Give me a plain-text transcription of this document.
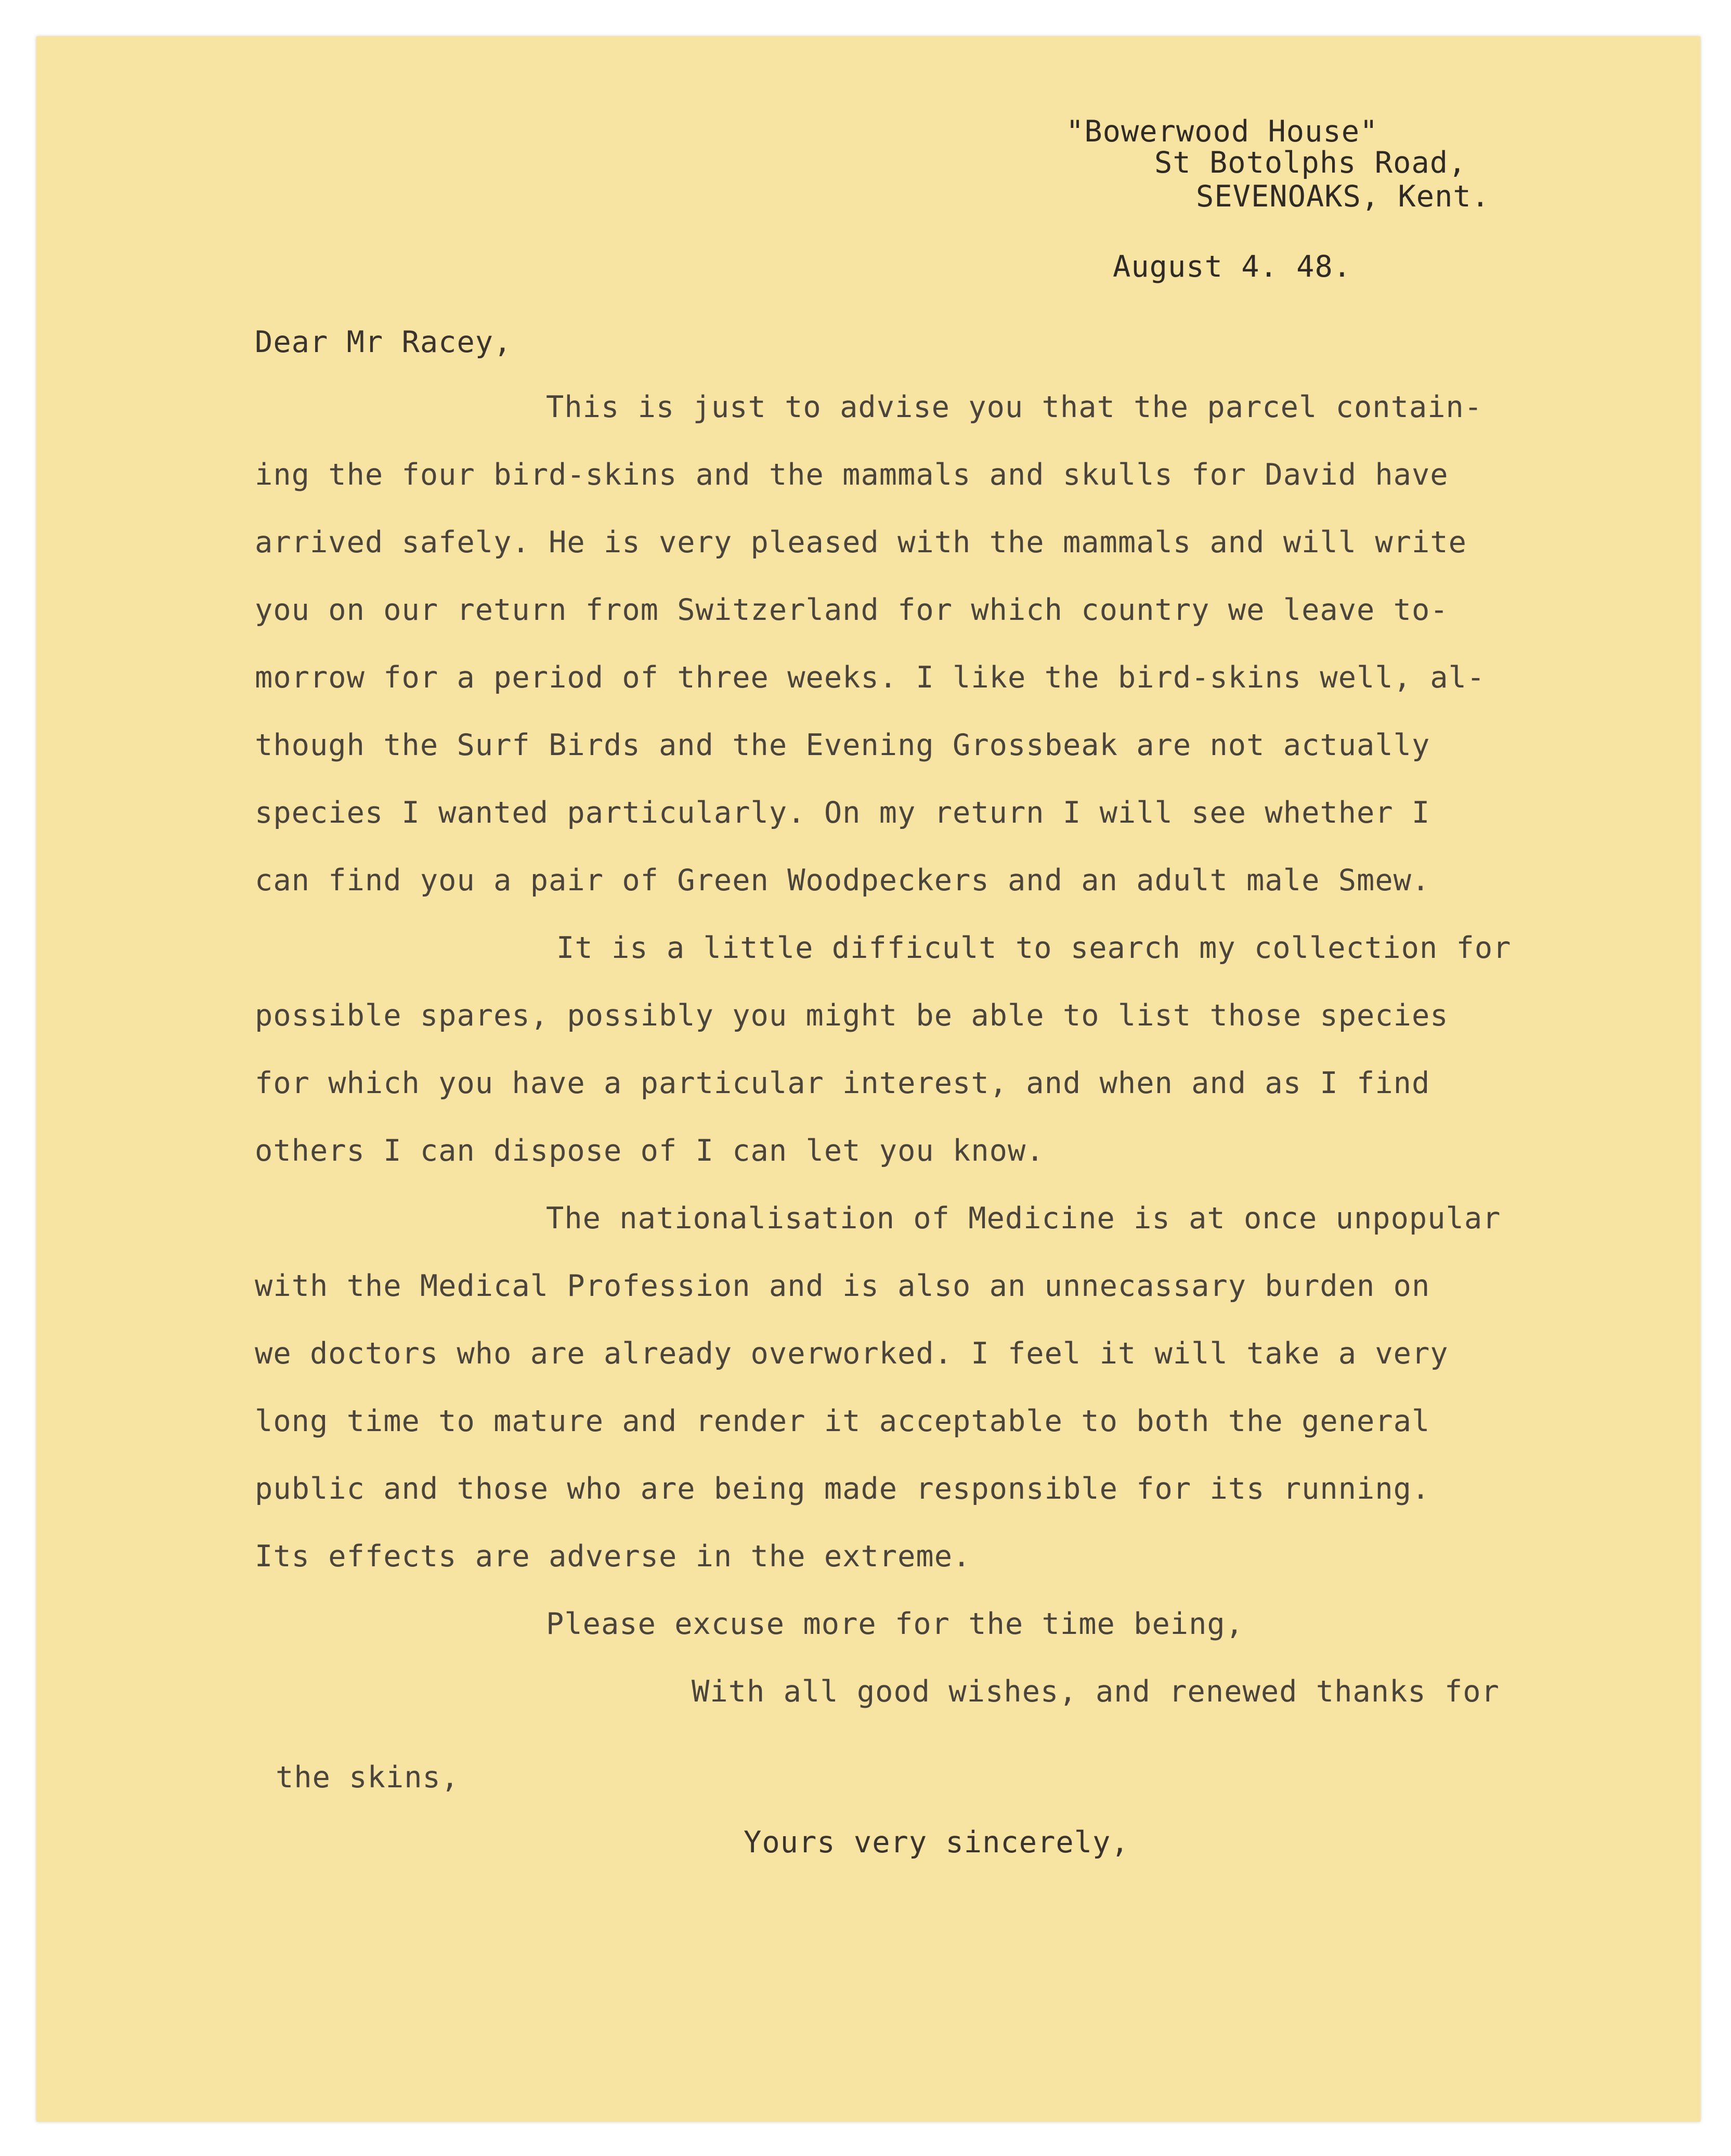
"Bowerwood House"
St Botolphs Road,
SEVENOAKS, Kent.
August 4. 48.
Dear Mr Racey,
This is just to advise you that the parcel contain-
ing the four bird-skins and the mammals and skulls for David have
arrived safely. He is very pleased with the mammals and will write
you on our return from Switzerland for which country we leave to-
morrow for a period of three weeks. I like the bird-skins well, al-
though the Surf Birds and the Evening Grossbeak are not actually
species I wanted particularly. On my return I will see whether I
can find you a pair of Green Woodpeckers and an adult male Smew.
It is a little difficult to search my collection for
possible spares, possibly you might be able to list those species
for which you have a particular interest, and when and as I find
others I can dispose of I can let you know.
The nationalisation of Medicine is at once unpopular
with the Medical Profession and is also an unnecassary burden on
we doctors who are already overworked. I feel it will take a very
long time to mature and render it acceptable to both the general
public and those who are being made responsible for its running.
Its effects are adverse in the extreme.
Please excuse more for the time being,
With all good wishes, and renewed thanks for
the skins,
Yours very sincerely,
